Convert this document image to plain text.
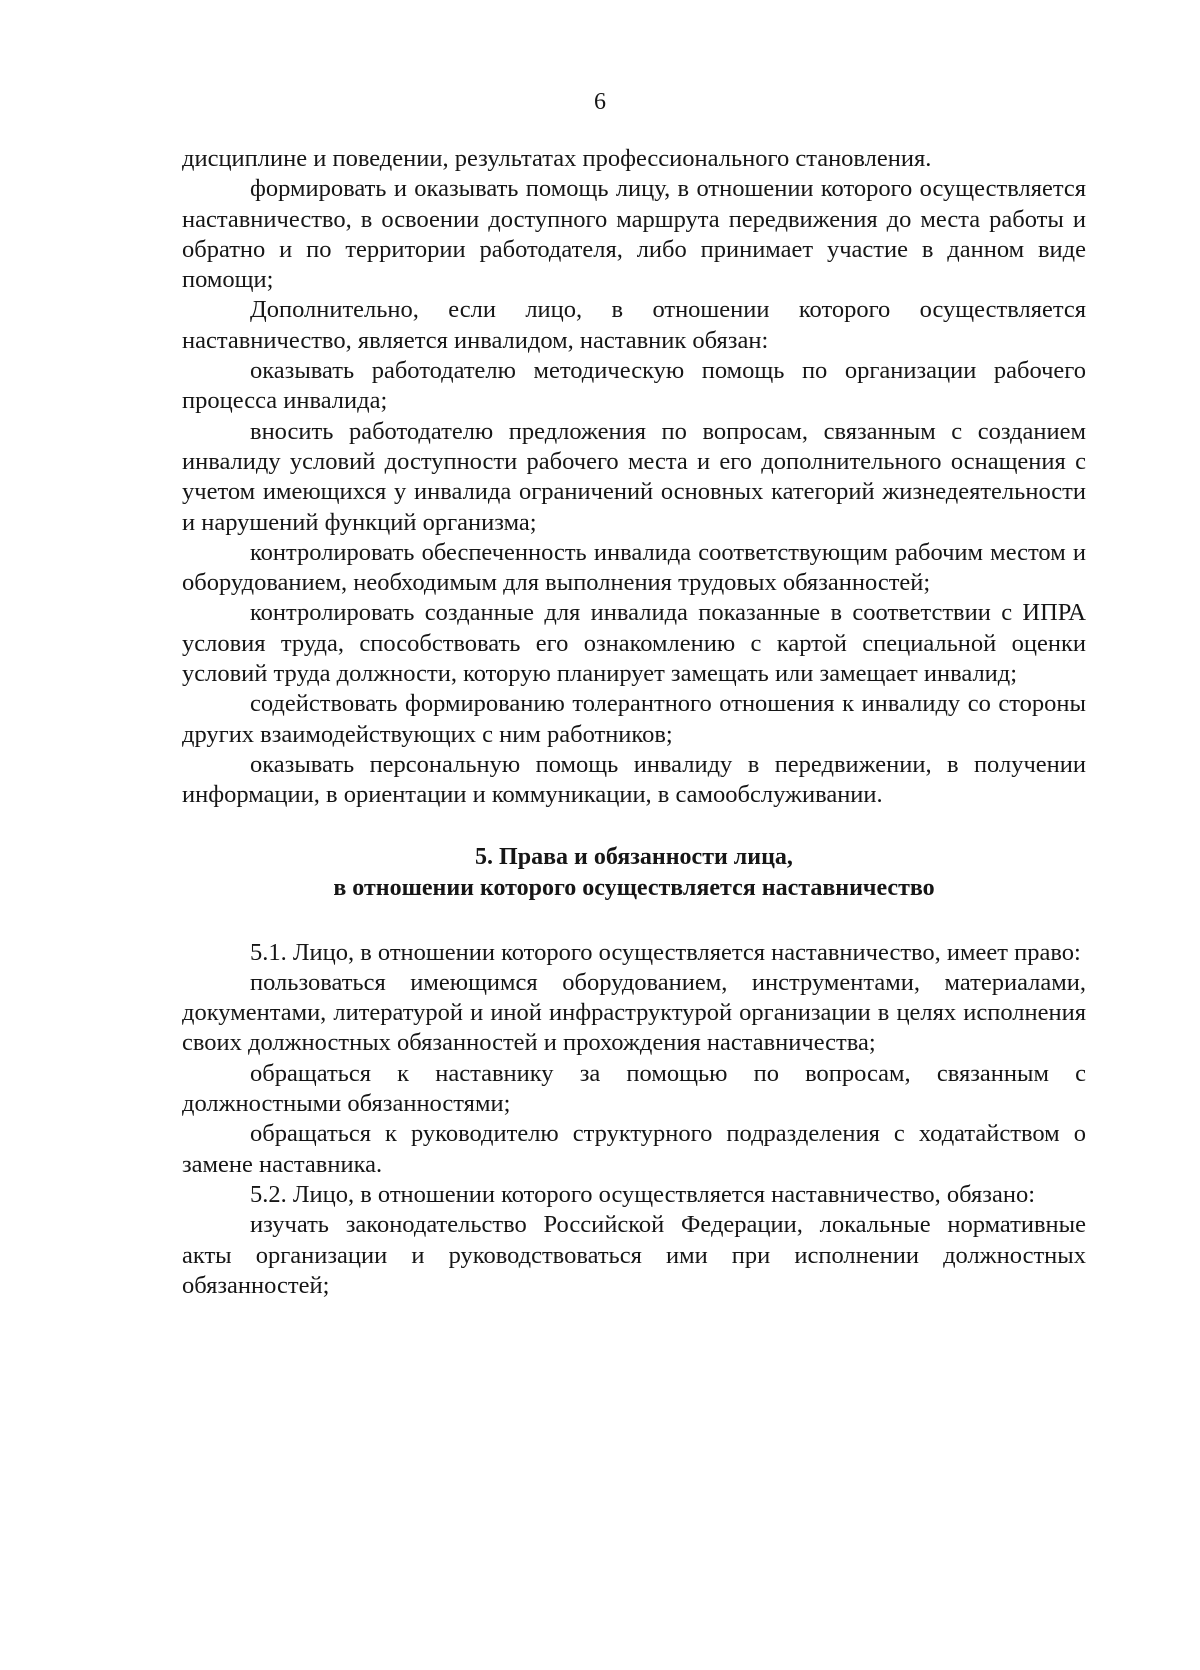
6

дисциплине и поведении, результатах профессионального становления.

формировать и оказывать помощь лицу, в отношении которого осуществляется наставничество, в освоении доступного маршрута передвижения до места работы и обратно и по территории работодателя, либо принимает участие в данном виде помощи;

Дополнительно, если лицо, в отношении которого осуществляется наставничество, является инвалидом, наставник обязан:

оказывать работодателю методическую помощь по организации рабочего процесса инвалида;

вносить работодателю предложения по вопросам, связанным с созданием инвалиду условий доступности рабочего места и его дополнительного оснащения с учетом имеющихся у инвалида ограничений основных категорий жизнедеятельности и нарушений функций организма;

контролировать обеспеченность инвалида соответствующим рабочим местом и оборудованием, необходимым для выполнения трудовых обязанностей;

контролировать созданные для инвалида показанные в соответствии с ИПРА условия труда, способствовать его ознакомлению с картой специальной оценки условий труда должности, которую планирует замещать или замещает инвалид;

содействовать формированию толерантного отношения к инвалиду со стороны других взаимодействующих с ним работников;

оказывать персональную помощь инвалиду в передвижении, в получении информации, в ориентации и коммуникации, в самообслуживании.

5. Права и обязанности лица,
в отношении которого осуществляется наставничество

5.1. Лицо, в отношении которого осуществляется наставничество, имеет право:

пользоваться имеющимся оборудованием, инструментами, материалами, документами, литературой и иной инфраструктурой организации в целях исполнения своих должностных обязанностей и прохождения наставничества;

обращаться к наставнику за помощью по вопросам, связанным с должностными обязанностями;

обращаться к руководителю структурного подразделения с ходатайством о замене наставника.

5.2. Лицо, в отношении которого осуществляется наставничество, обязано:

изучать законодательство Российской Федерации, локальные нормативные акты организации и руководствоваться ими при исполнении должностных обязанностей;
